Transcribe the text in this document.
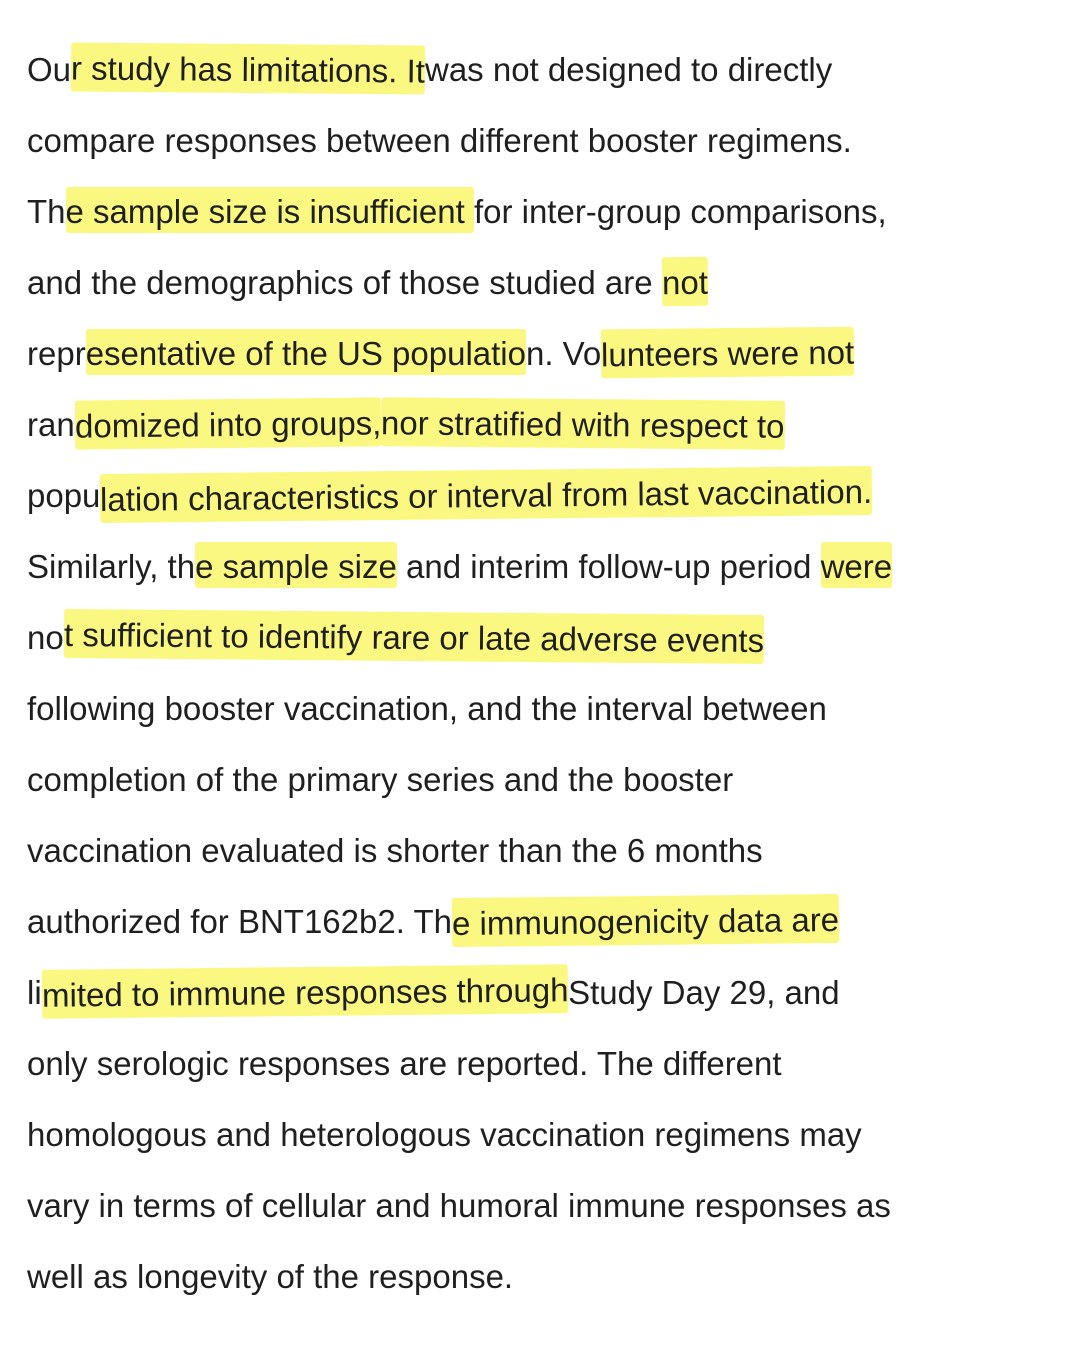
Our study has limitations. Itwas not designed to directly
compare responses between different booster regimens.
The sample size is insufficient for inter-group comparisons,
and the demographics of those studied are not
representative of the US population. Volunteers were not
randomized into groups,nor stratified with respect to
population characteristics or interval from last vaccination.
Similarly, the sample size and interim follow-up period were
not sufficient to identify rare or late adverse events
following booster vaccination, and the interval between
completion of the primary series and the booster
vaccination evaluated is shorter than the 6 months
authorized for BNT162b2. The immunogenicity data are
limited to immune responses throughStudy Day 29, and
only serologic responses are reported. The different
homologous and heterologous vaccination regimens may
vary in terms of cellular and humoral immune responses as
well as longevity of the response.
